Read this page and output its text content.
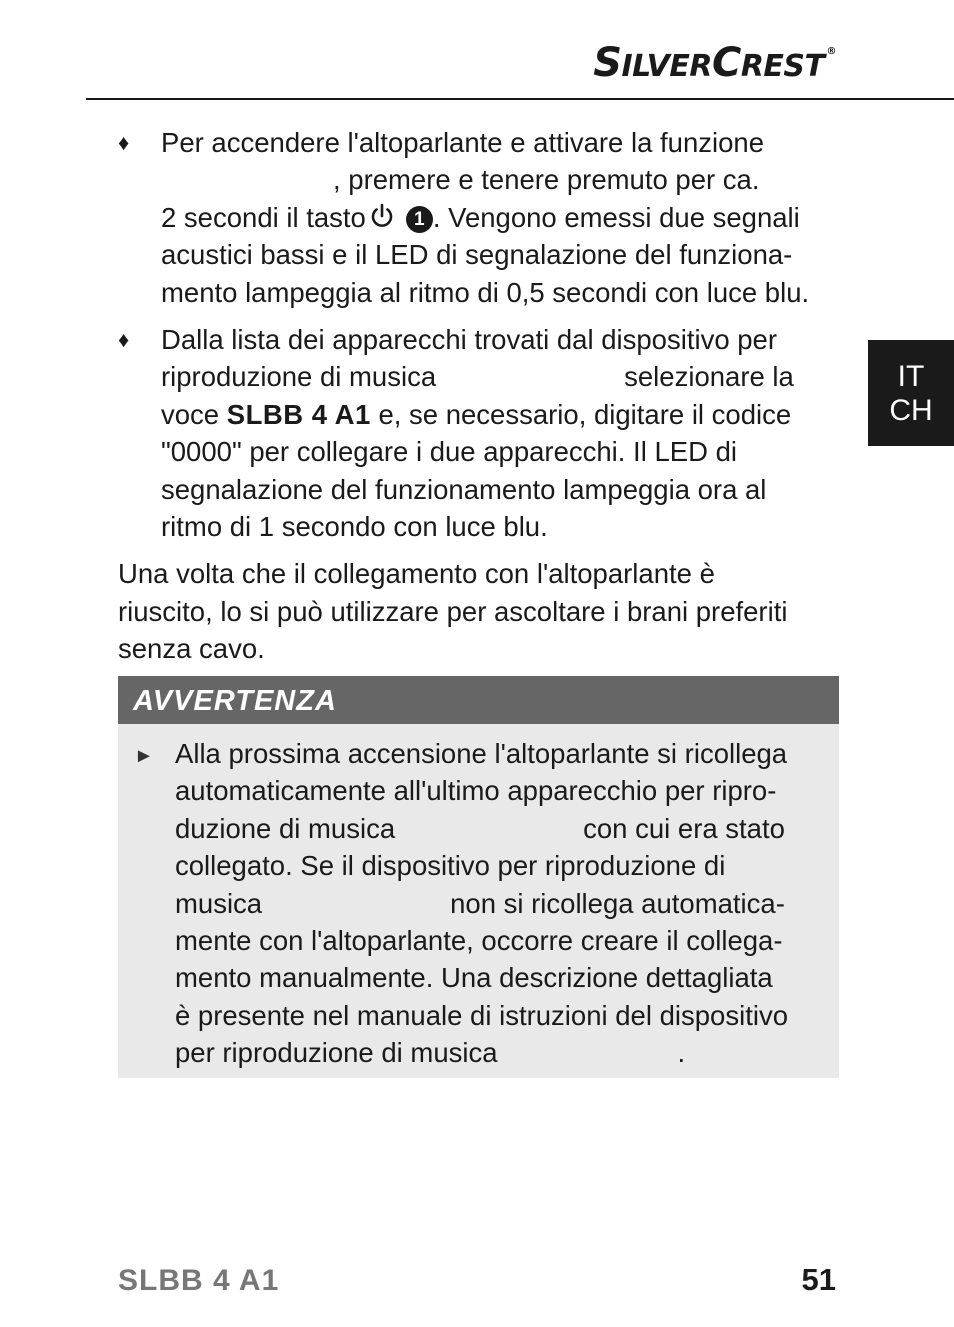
SILVERCREST ®
IT
CH
♦	Per accendere l'altoparlante e attivare la funzione
, premere e tenere premuto per ca.
2 secondi il tasto	1 . Vengono emessi due segnali
acustici bassi e il LED di segnalazione del funziona-
mento lampeggia al ritmo di 0,5 secondi con luce blu.
♦	Dalla lista dei apparecchi trovati dal dispositivo per
riproduzione di musica	selezionare la
voce SLBB 4 A1 e, se necessario, digitare il codice
"0000" per collegare i due apparecchi. Il LED di
segnalazione del funzionamento lampeggia ora al
ritmo di 1 secondo con luce blu.
Una volta che il collegamento con l'altoparlante è
riuscito, lo si può utilizzare per ascoltare i brani preferiti
senza cavo.
AVVERTENZA
► Alla prossima accensione l'altoparlante si ricollega
automaticamente all'ultimo apparecchio per ripro-
duzione di musica	con cui era stato
collegato. Se il dispositivo per riproduzione di
musica	non si ricollega automatica-
mente con l'altoparlante, occorre creare il collega-
mento manualmente. Una descrizione dettagliata
è presente nel manuale di istruzioni del dispositivo
per riproduzione di musica	.
SLBB 4 A1	51
